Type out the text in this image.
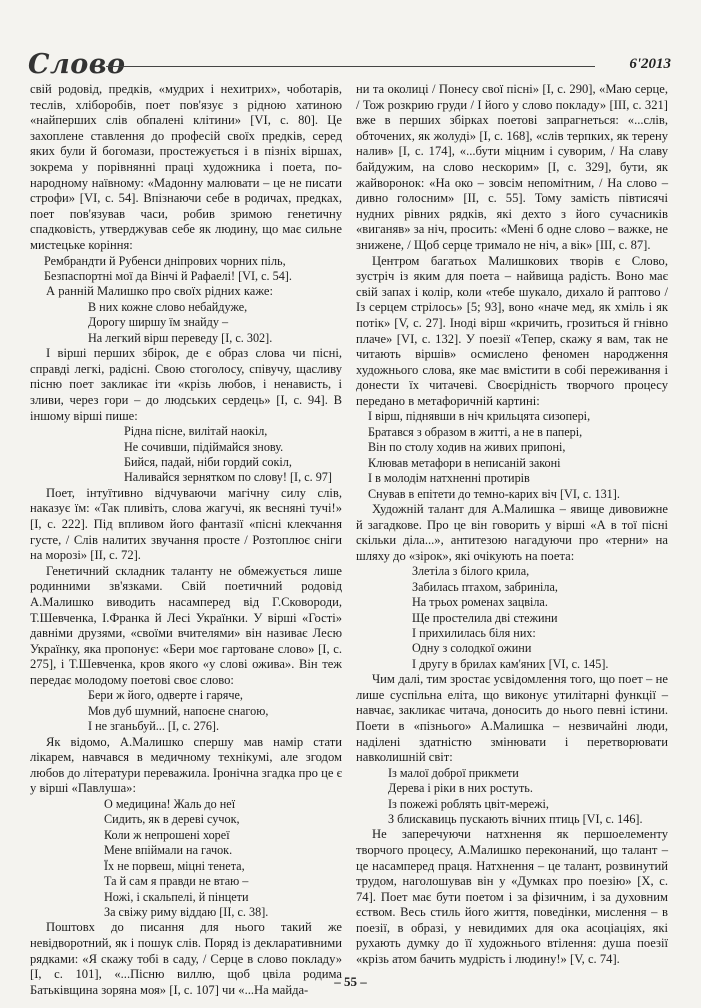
Слово	6'2013

свій родовід, предків, «мудрих і нехитрих», чоботарів, теслів, хліборобів, поет пов'язує з рідною хатиною «найперших слів обпалені клітини» [VI, с. 80]. Це захоплене ставлення до професій своїх предків, серед яких були й богомази, простежується і в пізніх віршах, зокрема у порівнянні праці художника і поета, по-народному наївному: «Мадонну малювати – це не писати строфи» [VI, с. 54]. Впізнаючи себе в родичах, предках, поет пов'язував часи, робив зримою генетичну спадковість, утверджував себе як людину, що має сильне мистецьке коріння:

Рембрандти й Рубенси дніпрових чорних піль,
Безпаспортні мої да Вінчі й Рафаелі! [VI, с. 54].

А ранній Малишко про своїх рідних каже:

В них кожне слово небайдуже,
Дорогу ширшу їм знайду –
На легкий вірш переведу [I, с. 302].

І вірші перших збірок, де є образ слова чи пісні, справді легкі, радісні. Свою стоголосу, співучу, щасливу пісню поет закликає іти «крізь любов, і ненависть, і зливи, через гори – до людських сердець» [I, с. 94]. В іншому вірші пише:

Рідна пісне, вилітай наокіл,
Не сочивши, підіймайся знову.
Бийся, падай, ніби гордий сокіл,
Наливайся зернятком по слову! [I, с. 97]

Поет, інтуїтивно відчуваючи магічну силу слів, наказує їм: «Так пливіть, слова жагучі, як весняні тучі!» [I, с. 222]. Під впливом його фантазії «пісні клекчання густе, / Слів налитих звучання просте / Розтоплює сніги на морозі» [II, с. 72].

Генетичний складник таланту не обмежується лише родинними зв'язками. Свій поетичний родовід А.Малишко виводить насамперед від Г.Сковороди, Т.Шевченка, І.Франка й Лесі Українки. У вірші «Гості» давніми друзями, «своїми вчителями» він називає Лесю Українку, яка пропонує: «Бери моє гартоване слово» [I, с. 275], і Т.Шевченка, кров якого «у слові ожива». Він теж передає молодому поетові своє слово:

Бери ж його, одверте і гаряче,
Мов дуб шумний, напоєне снагою,
І не зганьбуй... [I, с. 276].

Як відомо, А.Малишко спершу мав намір стати лікарем, навчався в медичному технікумі, але згодом любов до літератури переважила. Іронічна згадка про це є у вірші «Павлуша»:

О медицина! Жаль до неї
Сидить, як в дереві сучок,
Коли ж непрошені хореї
Мене впіймали на гачок.
Їх не порвеш, міцні тенета,
Та й сам я правди не втаю –
Ножі, і скальпелі, й пінцети
За свіжу риму віддаю [II, с. 38].

Поштовх до писання для нього такий же невідворотний, як і пошук слів. Поряд із декларативними рядками: «Я скажу тобі в саду, / Серце в слово покладу» [I, с. 101], «...Пісню виллю, щоб цвіла родима Батьківщина зоряна моя» [I, с. 107] чи «...На майда-

ни та околиці / Понесу свої пісні» [I, с. 290], «Маю серце, / Тож розкрию груди / І його у слово покладу» [III, с. 321] вже в перших збірках поетові запрагнеться: «...слів, обточених, як жолуді» [I, с. 168], «слів терпких, як терену налив» [I, с. 174], «...бути міцним і суворим, / На славу байдужим, на слово нескорим» [I, с. 329], бути, як жайворонок: «На око – зовсім непомітним, / На слово – дивно голосним» [II, с. 55]. Тому замість півтисячі нудних рівних рядків, які дехто з його сучасників «виганяв» за ніч, просить: «Мені б одне слово – важке, не знижене, / Щоб серце тримало не ніч, а вік» [III, с. 87].

Центром багатьох Малишкових творів є Слово, зустріч із яким для поета – найвища радість. Воно має свій запах і колір, коли «тебе шукало, дихало й раптово / Із серцем стрілось» [5; 93], воно «наче мед, як хміль і як потік» [V, с. 27]. Іноді вірш «кричить, грозиться й гнівно плаче» [VI, с. 132]. У поезії «Тепер, скажу я вам, так не читають віршів» осмислено феномен народження художнього слова, яке має вмістити в собі переживання і донести їх читачеві. Своєрідність творчого процесу передано в метафоричній картині:

І вірш, піднявши в ніч крильцята сизопері,
Братався з образом в житті, а не в папері,
Він по столу ходив на живих припоні,
Клював метафори в неписаній законі
І в молодім натхненні протирів
Снував в епітети до темно-карих віч [VI, с. 131].

Художній талант для А.Малишка – явище дивовижне й загадкове. Про це він говорить у вірші «А в тої пісні скільки діла...», антитезою нагадуючи про «терни» на шляху до «зірок», які очікують на поета:

Злетіла з білого крила,
Забилась птахом, забриніла,
На трьох роменах зацвіла.
Ще простелила дві стежини
І прихилилась біля них:
Одну з солодкої ожини
І другу в брилах кам'яних [VI, с. 145].

Чим далі, тим зростає усвідомлення того, що поет – не лише суспільна еліта, що виконує утилітарні функції – навчає, закликає читача, доносить до нього певні істини. Поети в «пізнього» А.Малишка – незвичайні люди, наділені здатністю змінювати і перетворювати навколишній світ:

Із малої доброї прикмети
Дерева і ріки в них ростуть.
Із пожежі роблять цвіт-мережі,
З блискавиць пускають вічних птиць [VI, с. 146].

Не заперечуючи натхнення як першоелементу творчого процесу, А.Малишко переконаний, що талант – це насамперед праця. Натхнення – це талант, розвинутий трудом, наголошував він у «Думках про поезію» [X, с. 74]. Поет має бути поетом і за фізичним, і за духовним єством. Весь стиль його життя, поведінки, мислення – в поезії, в образі, у невидимих для ока асоціаціях, які рухають думку до її художнього втілення: душа поезії «крізь атом бачить мудрість і людину!» [V, с. 74].

– 55 –
